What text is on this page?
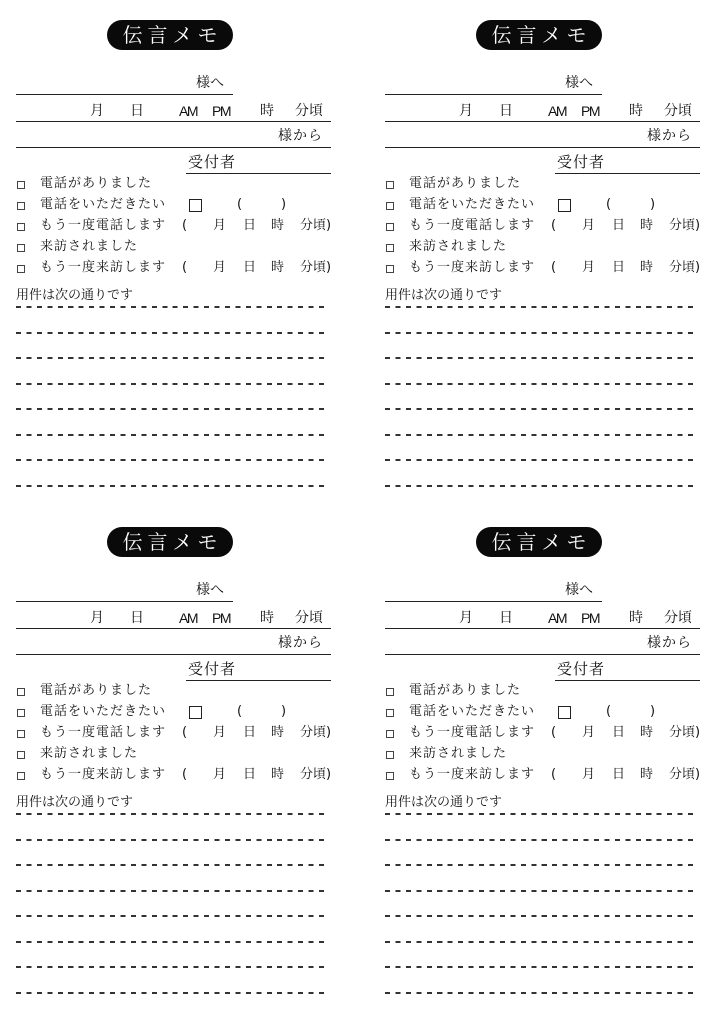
伝言メモ
様へ
月 日	AM PM 時 分頃
様から
受付者
電話がありました
電話をいただきたい	(	)
もう一度電話します ( 月 日 時 分頃)
来訪されました
もう一度来訪します ( 月 日 時 分頃)
用件は次の通りです
伝言メモ
様へ
月 日	AM PM 時 分頃
様から
受付者
電話がありました
電話をいただきたい	(	)
もう一度電話します ( 月 日 時 分頃)
来訪されました
もう一度来訪します ( 月 日 時 分頃)
用件は次の通りです
伝言メモ
様へ
月 日	AM PM 時 分頃
様から
受付者
電話がありました
電話をいただきたい	(	)
もう一度電話します ( 月 日 時 分頃)
来訪されました
もう一度来訪します ( 月 日 時 分頃)
用件は次の通りです
伝言メモ
様へ
月 日	AM PM 時 分頃
様から
受付者
電話がありました
電話をいただきたい	(	)
もう一度電話します ( 月 日 時 分頃)
来訪されました
もう一度来訪します ( 月 日 時 分頃)
用件は次の通りです
